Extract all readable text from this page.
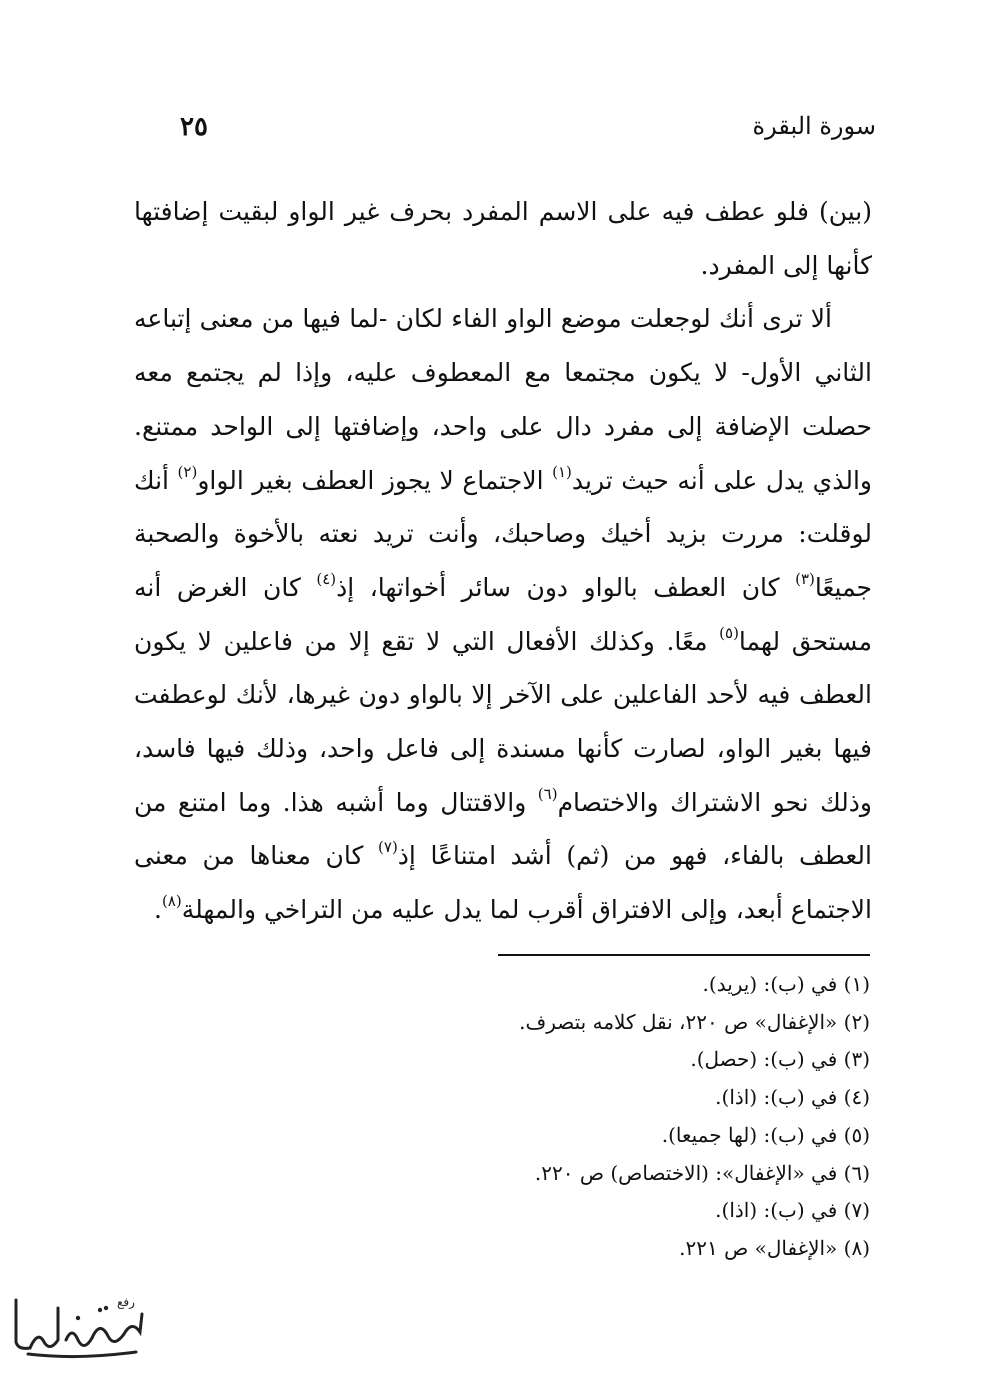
سورة البقرة
٢٥

(بين) فلو عطف فيه على الاسم المفرد بحرف غير الواو لبقيت إضافتها كأنها إلى المفرد.

ألا ترى أنك لوجعلت موضع الواو الفاء لكان -لما فيها من معنى إتباعه الثاني الأول- لا يكون مجتمعا مع المعطوف عليه، وإذا لم يجتمع معه حصلت الإضافة إلى مفرد دال على واحد، وإضافتها إلى الواحد ممتنع. والذي يدل على أنه حيث تريد$^{(١)}$ الاجتماع لا يجوز العطف بغير الواو$^{(٢)}$ أنك لوقلت: مررت بزيد أخيك وصاحبك، وأنت تريد نعته بالأخوة والصحبة جميعًا$^{(٣)}$ كان العطف بالواو دون سائر أخواتها، إذ$^{(٤)}$ كان الغرض أنه مستحق لهما$^{(٥)}$ معًا. وكذلك الأفعال التي لا تقع إلا من فاعلين لا يكون العطف فيه لأحد الفاعلين على الآخر إلا بالواو دون غيرها، لأنك لوعطفت فيها بغير الواو، لصارت كأنها مسندة إلى فاعل واحد، وذلك فيها فاسد، وذلك نحو الاشتراك والاختصام$^{(٦)}$ والاقتتال وما أشبه هذا. وما امتنع من العطف بالفاء، فهو من (ثم) أشد امتناعًا إذ$^{(٧)}$ كان معناها من معنى الاجتماع أبعد، وإلى الافتراق أقرب لما يدل عليه من التراخي والمهلة$^{(٨)}$.

(١) في (ب): (يريد).
(٢) «الإغفال» ص ٢٢٠، نقل كلامه بتصرف.
(٣) في (ب): (حصل).
(٤) في (ب): (اذا).
(٥) في (ب): (لها جميعا).
(٦) في «الإغفال»: (الاختصاص) ص ٢٢٠.
(٧) في (ب): (اذا).
(٨) «الإغفال» ص ٢٢١.
رفع
